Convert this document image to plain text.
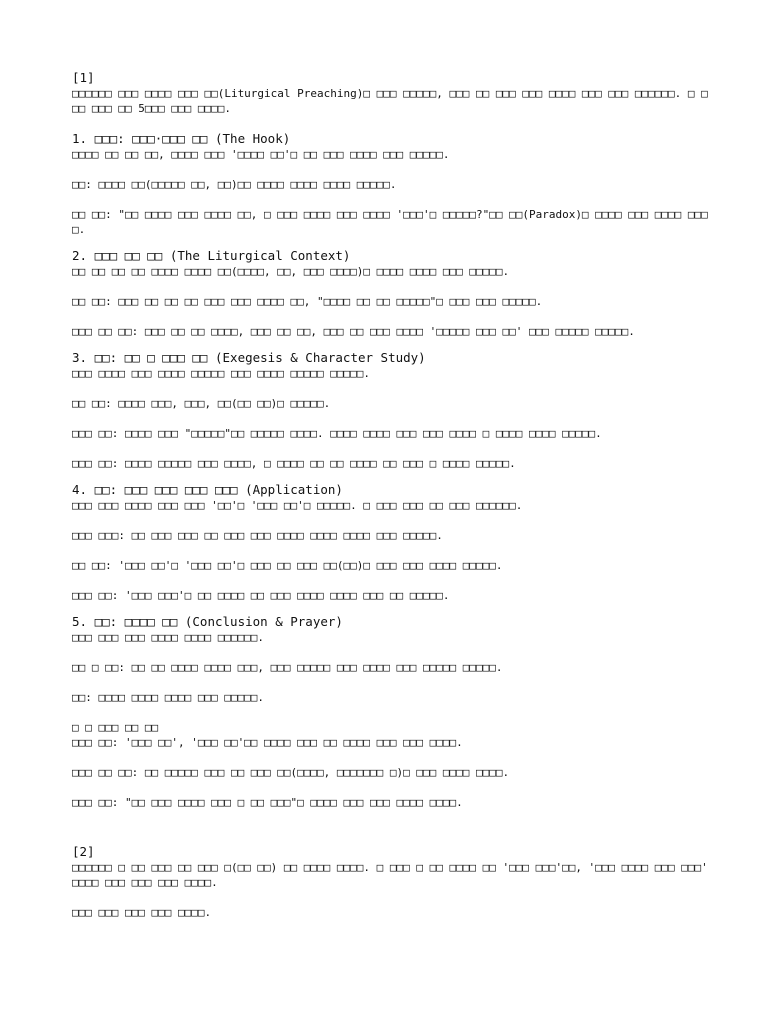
[1]

□□□□□□ □□□ □□□□ □□□ □□(Liturgical Preaching)□ □□□ □□□□□, □□□ □□ □□□ □□□ □□□□ □□□ □□□ □□□□□□. □ □□□ □□□ □□ 5□□□ □□□ □□□□.

1. □□□: □□□·□□□ □□ (The Hook)

□□□□ □□ □□ □□, □□□□ □□□ '□□□□ □□'□ □□ □□□ □□□□ □□□ □□□□□.

□□: □□□□ □□(□□□□□ □□, □□)□□ □□□□ □□□□ □□□□ □□□□□.

□□ □□: "□□ □□□□ □□□ □□□□ □□, □ □□□ □□□□ □□□ □□□□ '□□□'□ □□□□□?"□□ □□(Paradox)□ □□□□ □□□ □□□□ □□□□.

2. □□□ □□ □□ (The Liturgical Context)

□□ □□ □□ □□ □□□□ □□□□ □□(□□□□, □□, □□□ □□□□)□ □□□□ □□□□ □□□ □□□□□.

□□ □□: □□□ □□ □□ □□ □□□ □□□ □□□□ □□, "□□□□ □□ □□ □□□□□"□ □□□ □□□ □□□□□.

□□□ □□ □□: □□□ □□ □□ □□□□, □□□ □□ □□, □□□ □□ □□□ □□□□ '□□□□□ □□□ □□' □□□ □□□□□ □□□□□.

3. □□: □□ □ □□□ □□ (Exegesis & Character Study)

□□□ □□□□ □□□ □□□□ □□□□□ □□□ □□□□ □□□□□ □□□□□.

□□ □□: □□□□ □□□, □□□, □□(□□ □□)□ □□□□□.

□□□ □□: □□□□ □□□ "□□□□□"□□ □□□□□ □□□□. □□□□ □□□□ □□□ □□□ □□□□ □ □□□□ □□□□ □□□□□.

□□□ □□: □□□□ □□□□□ □□□ □□□□, □ □□□□ □□ □□ □□□□ □□ □□□ □ □□□□ □□□□□.

4. □□: □□□ □□□ □□□ □□□ (Application)

□□□ □□□ □□□□ □□□ □□□ '□□'□ '□□□ □□'□ □□□□□. □ □□□ □□□ □□ □□□ □□□□□□.

□□□ □□□: □□ □□□ □□□ □□ □□□ □□□ □□□□ □□□□ □□□□ □□□ □□□□□.

□□ □□: '□□□ □□'□ '□□□ □□'□ □□□ □□ □□□ □□(□□)□ □□□ □□□ □□□□ □□□□□.

□□□ □□: '□□□ □□□'□ □□ □□□□ □□ □□□ □□□□ □□□□ □□□ □□ □□□□□.

5. □□: □□□□ □□ (Conclusion & Prayer)

□□□ □□□ □□□ □□□□ □□□□ □□□□□□.

□□ □ □□: □□ □□ □□□□ □□□□ □□□, □□□ □□□□□ □□□ □□□□ □□□ □□□□□ □□□□□.

□□: □□□□ □□□□ □□□□ □□□ □□□□□.

□ □ □□□ □□ □□

□□□ □□: '□□□ □□', '□□□ □□'□□ □□□□ □□□ □□ □□□□ □□□ □□□ □□□□.

□□□ □□ □□: □□ □□□□□ □□□ □□ □□□ □□(□□□□, □□□□□□□ □)□ □□□ □□□□ □□□□.

□□□ □□: "□□ □□□ □□□□ □□□ □ □□ □□□"□ □□□□ □□□ □□□ □□□□ □□□□.

[2]

□□□□□□ □ □□ □□□ □□ □□□ □(□□ □□) □□ □□□□ □□□□. □ □□□ □ □□ □□□□ □□ '□□□ □□□'□□, '□□□ □□□□ □□□ □□□' □□□□ □□□ □□□ □□□ □□□□.

□□□ □□□ □□□ □□□ □□□□.
